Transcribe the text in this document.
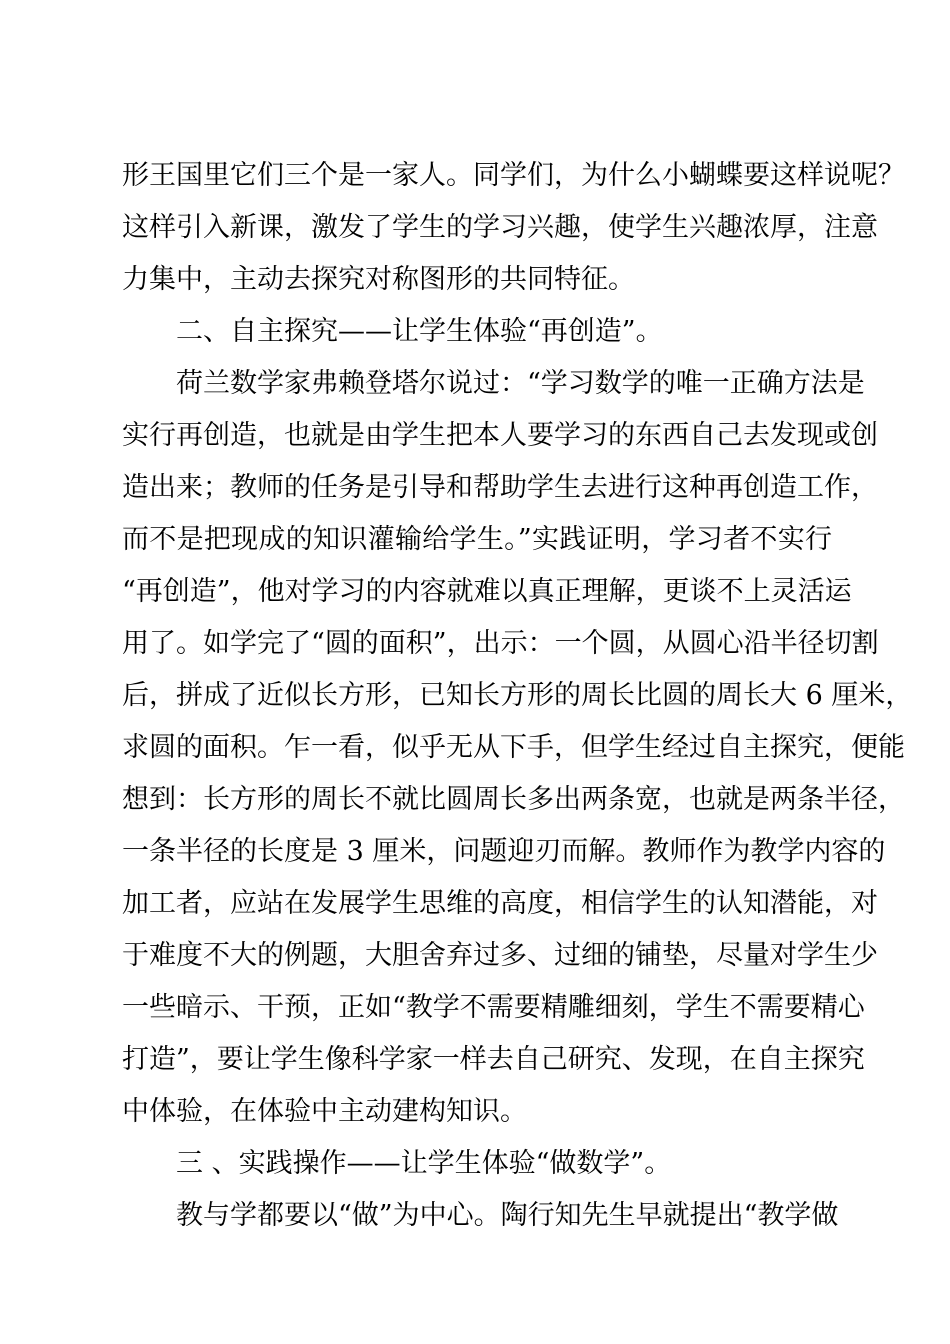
形王国里它们三个是一家人。同学们，为什么小蝴蝶要这样说呢？
这样引入新课，激发了学生的学习兴趣，使学生兴趣浓厚，注意
力集中，主动去探究对称图形的共同特征。
二、自主探究——让学生体验“再创造”。
荷兰数学家弗赖登塔尔说过：“学习数学的唯一正确方法是
实行再创造，也就是由学生把本人要学习的东西自己去发现或创
造出来；教师的任务是引导和帮助学生去进行这种再创造工作，
而不是把现成的知识灌输给学生。”实践证明，学习者不实行
“再创造”，他对学习的内容就难以真正理解，更谈不上灵活运
用了。如学完了“圆的面积”，出示：一个圆，从圆心沿半径切割
后，拼成了近似长方形，已知长方形的周长比圆的周长大 6 厘米，
求圆的面积。乍一看，似乎无从下手，但学生经过自主探究，便能
想到：长方形的周长不就比圆周长多出两条宽，也就是两条半径，
一条半径的长度是 3 厘米，问题迎刃而解。教师作为教学内容的
加工者，应站在发展学生思维的高度，相信学生的认知潜能，对
于难度不大的例题，大胆舍弃过多、过细的铺垫，尽量对学生少
一些暗示、干预，正如“教学不需要精雕细刻，学生不需要精心
打造”，要让学生像科学家一样去自己研究、发现，在自主探究
中体验，在体验中主动建构知识。
三 、实践操作——让学生体验“做数学”。
教与学都要以“做”为中心。陶行知先生早就提出“教学做
